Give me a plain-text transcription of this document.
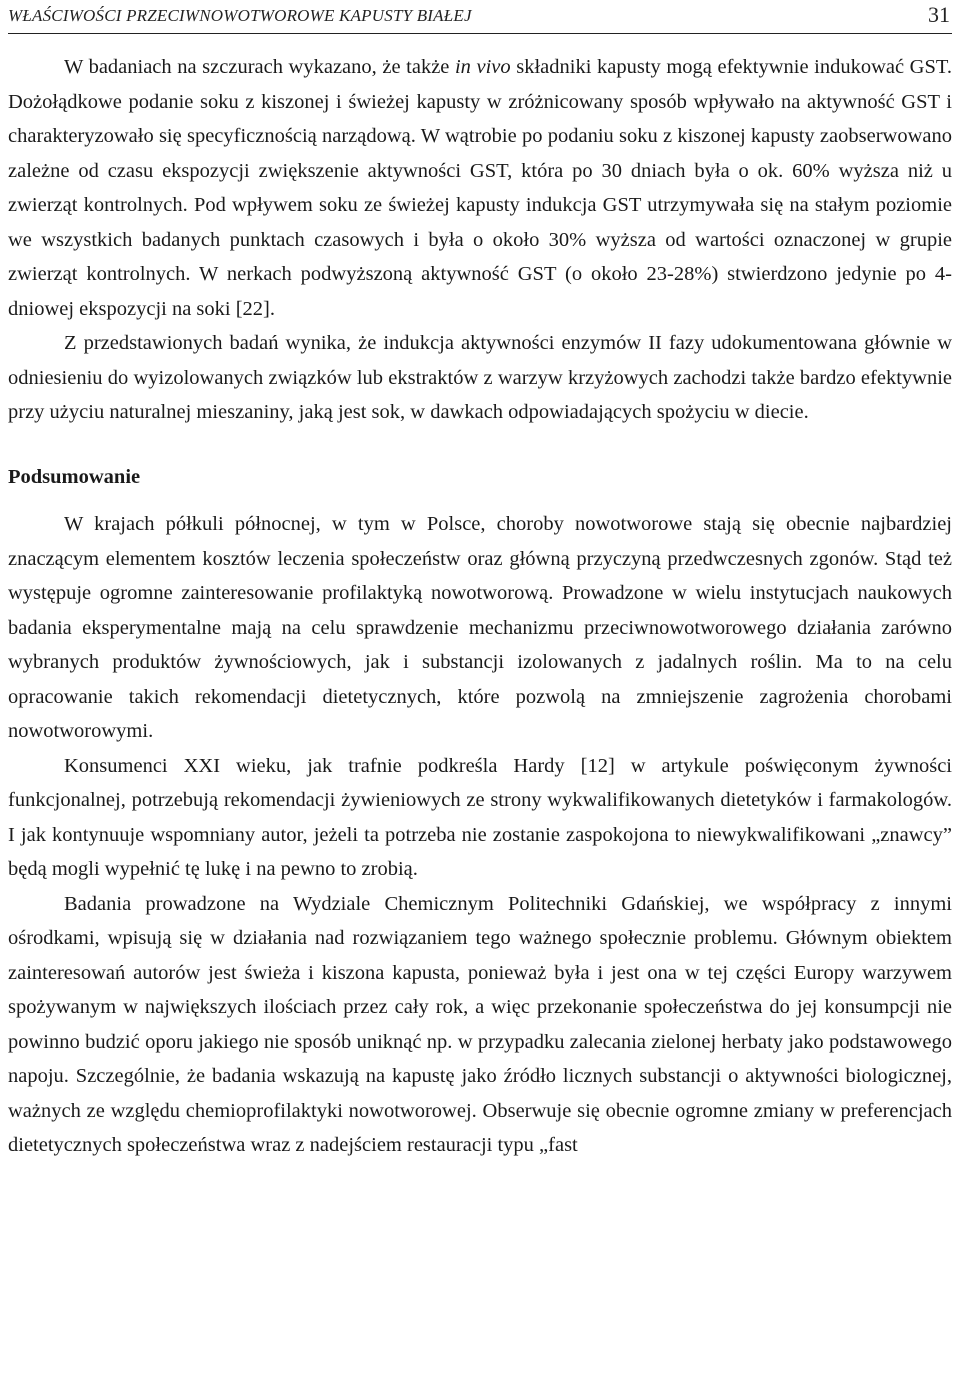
WŁAŚCIWOŚCI PRZECIWNOWOTWOROWE KAPUSTY BIAŁEJ	31

W badaniach na szczurach wykazano, że także in vivo składniki kapusty mogą efektywnie indukować GST. Dożołądkowe podanie soku z kiszonej i świeżej kapusty w zróżnicowany sposób wpływało na aktywność GST i charakteryzowało się specyficznością narządową. W wątrobie po podaniu soku z kiszonej kapusty zaobserwowano zależne od czasu ekspozycji zwiększenie aktywności GST, która po 30 dniach była o ok. 60% wyższa niż u zwierząt kontrolnych. Pod wpływem soku ze świeżej kapusty indukcja GST utrzymywała się na stałym poziomie we wszystkich badanych punktach czasowych i była o około 30% wyższa od wartości oznaczonej w grupie zwierząt kontrolnych. W nerkach podwyższoną aktywność GST (o około 23-28%) stwierdzono jedynie po 4-dniowej ekspozycji na soki [22].

Z przedstawionych badań wynika, że indukcja aktywności enzymów II fazy udokumentowana głównie w odniesieniu do wyizolowanych związków lub ekstraktów z warzyw krzyżowych zachodzi także bardzo efektywnie przy użyciu naturalnej mieszaniny, jaką jest sok, w dawkach odpowiadających spożyciu w diecie.

Podsumowanie

W krajach półkuli północnej, w tym w Polsce, choroby nowotworowe stają się obecnie najbardziej znaczącym elementem kosztów leczenia społeczeństw oraz główną przyczyną przedwczesnych zgonów. Stąd też występuje ogromne zainteresowanie profilaktyką nowotworową. Prowadzone w wielu instytucjach naukowych badania eksperymentalne mają na celu sprawdzenie mechanizmu przeciwnowotworowego działania zarówno wybranych produktów żywnościowych, jak i substancji izolowanych z jadalnych roślin. Ma to na celu opracowanie takich rekomendacji dietetycznych, które pozwolą na zmniejszenie zagrożenia chorobami nowotworowymi.

Konsumenci XXI wieku, jak trafnie podkreśla Hardy [12] w artykule poświęconym żywności funkcjonalnej, potrzebują rekomendacji żywieniowych ze strony wykwalifikowanych dietetyków i farmakologów. I jak kontynuuje wspomniany autor, jeżeli ta potrzeba nie zostanie zaspokojona to niewykwalifikowani „znawcy” będą mogli wypełnić tę lukę i na pewno to zrobią.

Badania prowadzone na Wydziale Chemicznym Politechniki Gdańskiej, we współpracy z innymi ośrodkami, wpisują się w działania nad rozwiązaniem tego ważnego społecznie problemu. Głównym obiektem zainteresowań autorów jest świeża i kiszona kapusta, ponieważ była i jest ona w tej części Europy warzywem spożywanym w największych ilościach przez cały rok, a więc przekonanie społeczeństwa do jej konsumpcji nie powinno budzić oporu jakiego nie sposób uniknąć np. w przypadku zalecania zielonej herbaty jako podstawowego napoju. Szczególnie, że badania wskazują na kapustę jako źródło licznych substancji o aktywności biologicznej, ważnych ze względu chemioprofilaktyki nowotworowej. Obserwuje się obecnie ogromne zmiany w preferencjach dietetycznych społeczeństwa wraz z nadejściem restauracji typu „fast
